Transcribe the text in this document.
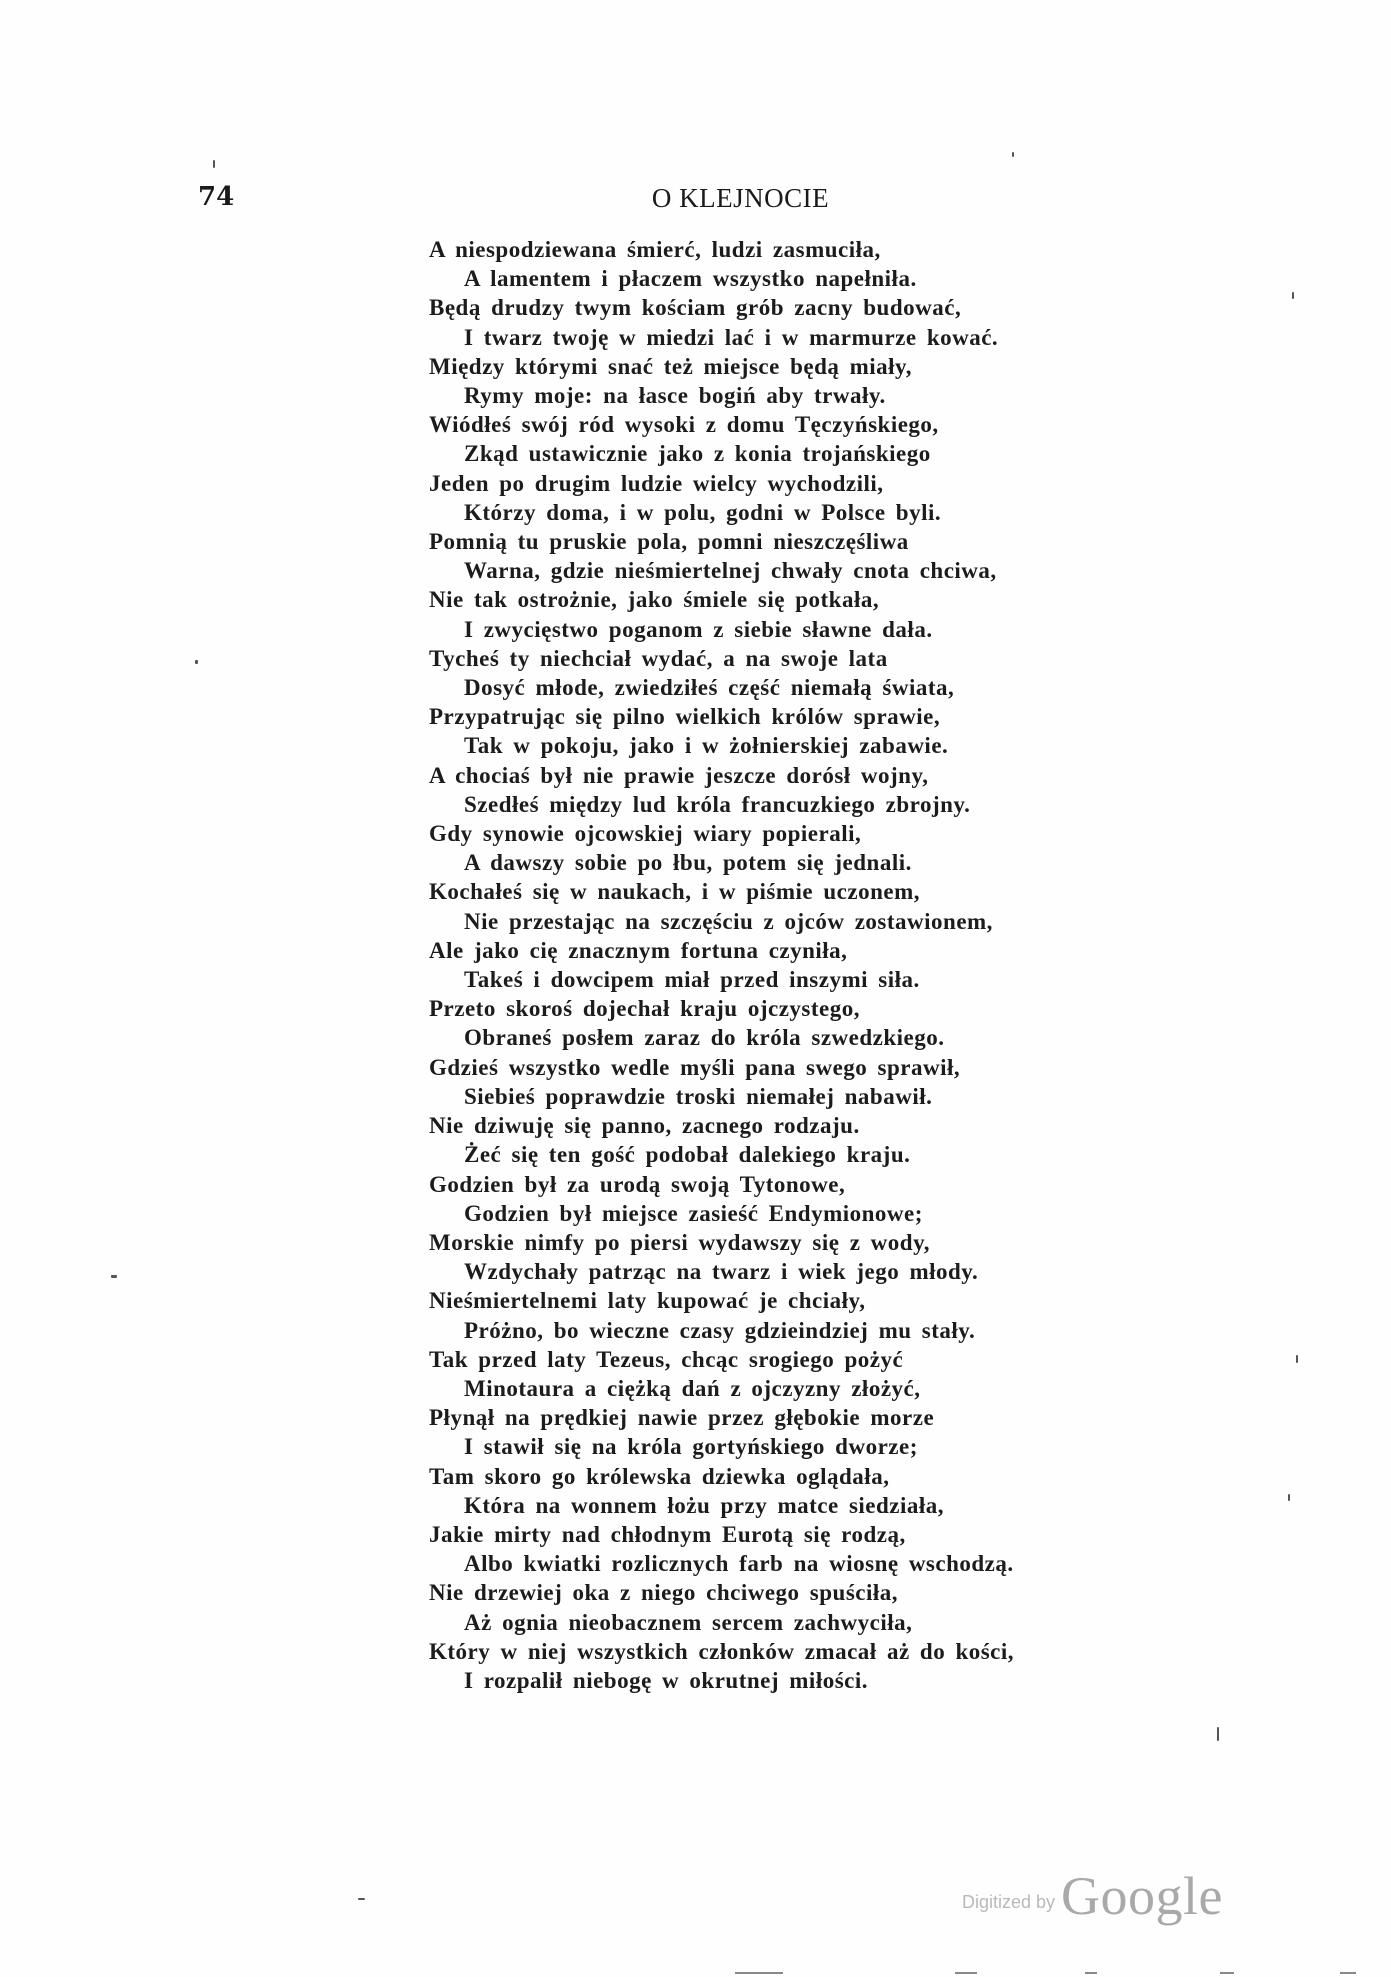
74	O KLEJNOCIE
A niespodziewana śmierć, ludzi zasmuciła,
A lamentem i płaczem wszystko napełniła.
Będą drudzy twym kościam grób zacny budować,
I twarz twoję w miedzi lać i w marmurze kować.
Między którymi snać też miejsce będą miały,
Rymy moje: na łasce bogiń aby trwały.
Wiódłeś swój ród wysoki z domu Tęczyńskiego,
Zkąd ustawicznie jako z konia trojańskiego
Jeden po drugim ludzie wielcy wychodzili,
Którzy doma, i w polu, godni w Polsce byli.
Pomnią tu pruskie pola, pomni nieszczęśliwa
Warna, gdzie nieśmiertelnej chwały cnota chciwa,
Nie tak ostrożnie, jako śmiele się potkała,
I zwycięstwo poganom z siebie sławne dała.
Tycheś ty niechciał wydać, a na swoje lata
Dosyć młode, zwiedziłeś część niemałą świata,
Przypatrując się pilno wielkich królów sprawie,
Tak w pokoju, jako i w żołnierskiej zabawie.
A chociaś był nie prawie jeszcze dorósł wojny,
Szedłeś między lud króla francuzkiego zbrojny.
Gdy synowie ojcowskiej wiary popierali,
A dawszy sobie po łbu, potem się jednali.
Kochałeś się w naukach, i w piśmie uczonem,
Nie przestając na szczęściu z ojców zostawionem,
Ale jako cię znacznym fortuna czyniła,
Takeś i dowcipem miał przed inszymi siła.
Przeto skoroś dojechał kraju ojczystego,
Obraneś posłem zaraz do króla szwedzkiego.
Gdzieś wszystko wedle myśli pana swego sprawił,
Siebieś poprawdzie troski niemałej nabawił.
Nie dziwuję się panno, zacnego rodzaju.
Żeć się ten gość podobał dalekiego kraju.
Godzien był za urodą swoją Tytonowe,
Godzien był miejsce zasieść Endymionowe;
Morskie nimfy po piersi wydawszy się z wody,
Wzdychały patrząc na twarz i wiek jego młody.
Nieśmiertelnemi laty kupować je chciały,
Próżno, bo wieczne czasy gdzieindziej mu stały.
Tak przed laty Tezeus, chcąc srogiego pożyć
Minotaura a ciężką dań z ojczyzny złożyć,
Płynął na prędkiej nawie przez głębokie morze
I stawił się na króla gortyńskiego dworze;
Tam skoro go królewska dziewka oglądała,
Która na wonnem łożu przy matce siedziała,
Jakie mirty nad chłodnym Eurotą się rodzą,
Albo kwiatki rozlicznych farb na wiosnę wschodzą.
Nie drzewiej oka z niego chciwego spuściła,
Aż ognia nieobacznem sercem zachwyciła,
Który w niej wszystkich członków zmacał aż do kości,
I rozpalił niebogę w okrutnej miłości.
Digitized by Google
